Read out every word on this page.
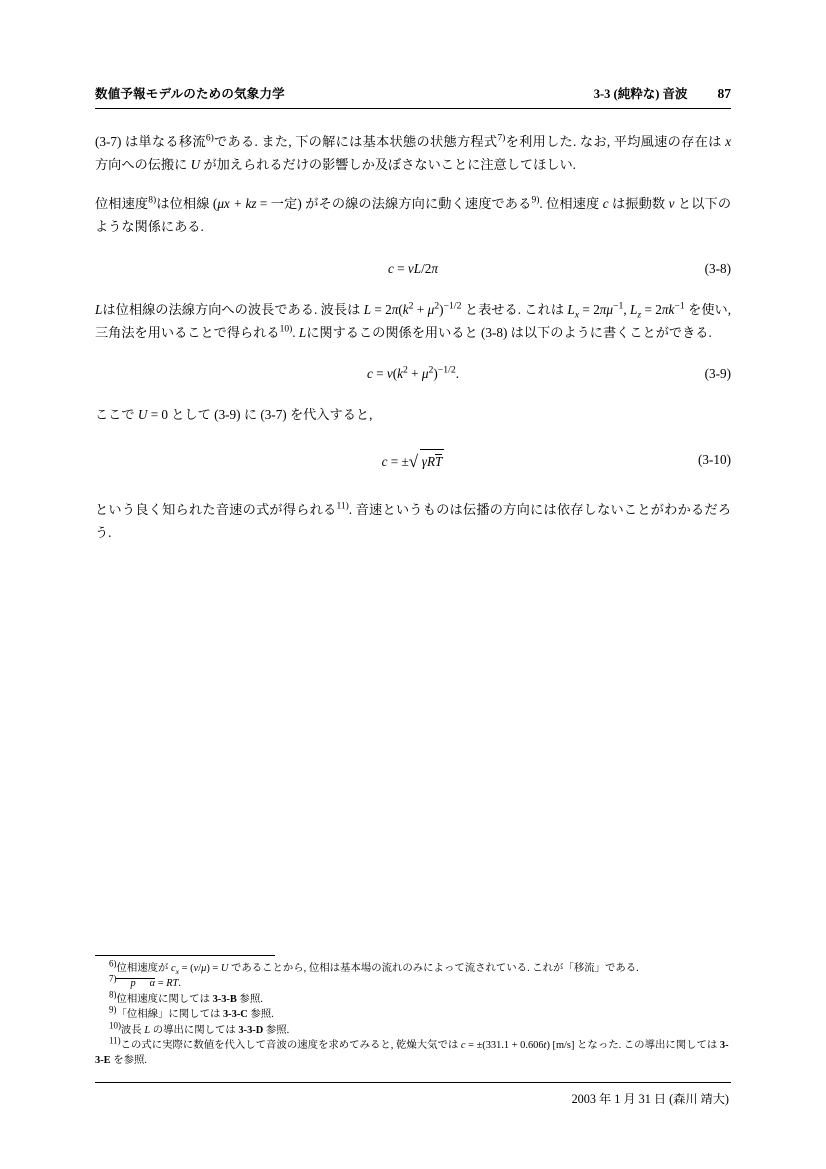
数値予報モデルのための気象力学	3-3 (純粋な) 音波 87

(3-7) は単なる移流$^{6)}$である. また, 下の解には基本状態の状態方程式$^{7)}$を利用した. なお, 平均風速の存在は x 方向への伝搬に U が加えられるだけの影響しか及ぼさないことに注意してほしい.

位相速度$^{8)}$は位相線 (μx + kz = 一定) がその線の法線方向に動く速度である$^{9)}$. 位相速度 c は振動数 ν と以下のような関係にある.

c = νL/2π	(3-8)

Lは位相線の法線方向への波長である. 波長は $L = 2\pi(k^2 + \mu^2)^{-1/2}$ と表せる. これは $L_x = 2\pi\mu^{-1}$, $L_z = 2\pi k^{-1}$ を使い, 三角法を用いることで得られる$^{10)}$. Lに関するこの関係を用いると (3-8) は以下のように書くことができる.

$c = \nu(k^2 + \mu^2)^{-1/2}$.	(3-9)

ここで U = 0 として (3-9) に (3-7) を代入すると,

c = ± √ γRT	(3-10)

という良く知られた音速の式が得られる$^{11)}$. 音速というものは伝播の方向には依存しないことがわかるだろう.

6)位相速度が $c_x = (\nu/\mu) = U$ であることから, 位相は基本場の流れのみによって流されている. これが「移流」である.

7) p α = RT.

8)位相速度に関しては 3-3-B 参照.

9)「位相線」に関しては 3-3-C 参照.

10)波長 L の導出に関しては 3-3-D 参照.

11)この式に実際に数値を代入して音波の速度を求めてみると, 乾燥大気では c = ±(331.1 + 0.606t) [m/s] となった. この導出に関しては 3-3-E を参照.

2003 年 1 月 31 日 (森川 靖大)
